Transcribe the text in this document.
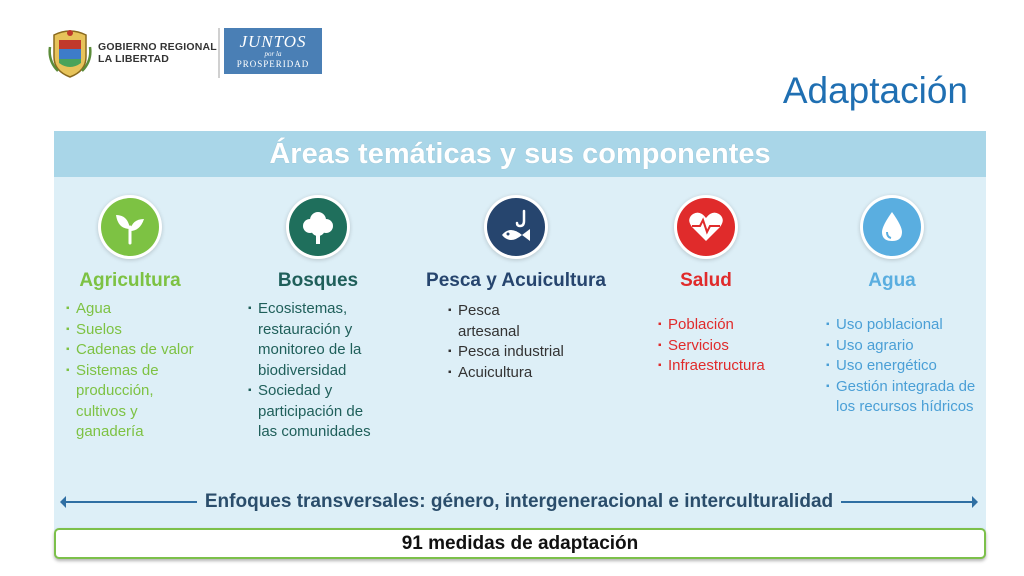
GOBIERNO REGIONAL
LA LIBERTAD
JUNTOS
por la
PROSPERIDAD
Adaptación
Áreas temáticas y sus componentes
Agricultura
▪ Agua
▪ Suelos
▪ Cadenas de valor
▪ Sistemas de producción, cultivos y ganadería
Bosques
▪ Ecosistemas, restauración y monitoreo de la biodiversidad
▪ Sociedad y participación de las comunidades
Pesca y Acuicultura
▪ Pesca artesanal
▪ Pesca industrial
▪ Acuicultura
Salud
▪ Población
▪ Servicios
▪ Infraestructura
Agua
▪ Uso poblacional
▪ Uso agrario
▪ Uso energético
▪ Gestión integrada de los recursos hídricos
Enfoques transversales: género, intergeneracional e interculturalidad
91 medidas de adaptación
